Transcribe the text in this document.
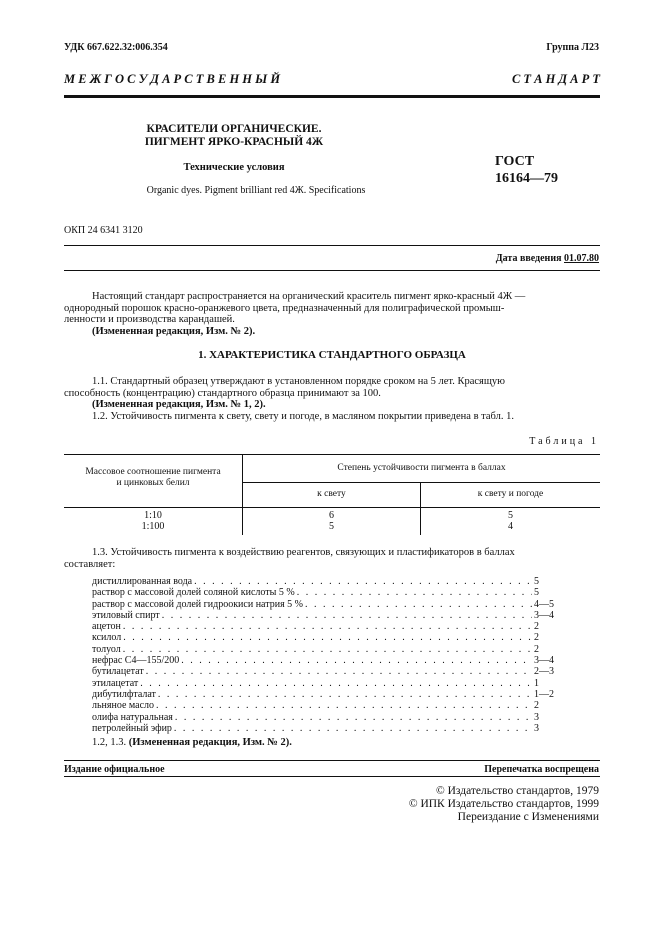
УДК 667.622.32:006.354	Группа Л23
М Е Ж Г О С У Д А Р С Т В Е Н Н Ы Й	С Т А Н Д А Р Т
КРАСИТЕЛИ ОРГАНИЧЕСКИЕ.
ПИГМЕНТ ЯРКО-КРАСНЫЙ 4Ж
Технические условия
Organic dyes. Pigment brilliant red 4Ж. Specifications
ГОСТ
16164—79
ОКП 24 6341 3120
Дата введения 01.07.80
Настоящий стандарт распространяется на органический краситель пигмент ярко-красный 4Ж —
однородный порошок красно-оранжевого цвета, предназначенный для полиграфической промыш-
ленности и производства карандашей.
(Измененная редакция, Изм. № 2).
1. ХАРАКТЕРИСТИКА СТАНДАРТНОГО ОБРАЗЦА
1.1. Стандартный образец утверждают в установленном порядке сроком на 5 лет. Красящую
способность (концентрацию) стандартного образца принимают за 100.
(Измененная редакция, Изм. № 1, 2).
1.2. Устойчивость пигмента к свету, свету и погоде, в масляном покрытии приведена в табл. 1.
Таблица 1
Массовое соотношение пигмента
и цинковых белил
Степень устойчивости пигмента в баллах
к свету	к свету и погоде
1:10	6	5
1:100	5	4
1.3. Устойчивость пигмента к воздействию реагентов, связующих и пластификаторов в баллах
составляет:
дистиллированная вода . . .	5
раствор с массовой долей соляной кислоты 5 % . . .	5
раствор с массовой долей гидроокиси натрия 5 % . . .	4—5
этиловый спирт . . .	3—4
ацетон . . .	2
ксилол . . .	2
толуол . . .	2
нефрас С4—155/200 . . .	3—4
бутилацетат . . .	2—3
этилацетат . . .	1
дибутилфталат . . .	1—2
льняное масло . . .	2
олифа натуральная . . .	3
петролейный эфир . . .	3
1.2, 1.3. (Измененная редакция, Изм. № 2).
Издание официальное	Перепечатка воспрещена
© Издательство стандартов, 1979
© ИПК Издательство стандартов, 1999
Переиздание с Изменениями
